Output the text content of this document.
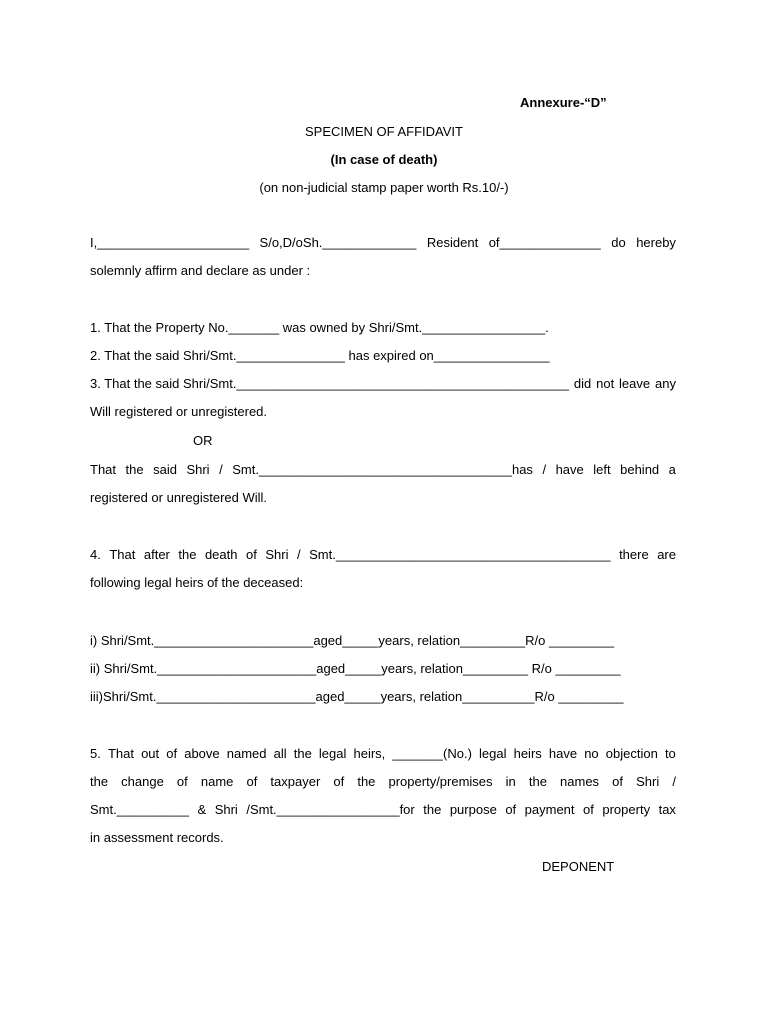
Annexure-“D”
SPECIMEN OF AFFIDAVIT
(In case of death)
(on non-judicial stamp paper worth Rs.10/-)
I,_____________________ S/o,D/oSh._____________ Resident of______________ do hereby
solemnly affirm and declare as under :
1. That the Property No._______ was owned by Shri/Smt._________________.
2. That the said Shri/Smt._______________ has expired on________________
3. That the said Shri/Smt.______________________________________________ did not leave any
Will registered or unregistered.
OR
That the said Shri / Smt.___________________________________has / have left behind a
registered or unregistered Will.
4. That after the death of Shri / Smt.______________________________________ there are
following legal heirs of the deceased:
i) Shri/Smt.______________________aged_____years, relation_________R/o _________
ii) Shri/Smt.______________________aged_____years, relation_________ R/o _________
iii)Shri/Smt.______________________aged_____years, relation__________R/o _________
5. That out of above named all the legal heirs, _______(No.) legal heirs have no objection to
the change of name of taxpayer of the property/premises in the names of Shri /
Smt.__________ & Shri /Smt._________________for the purpose of payment of property tax
in assessment records.
DEPONENT
